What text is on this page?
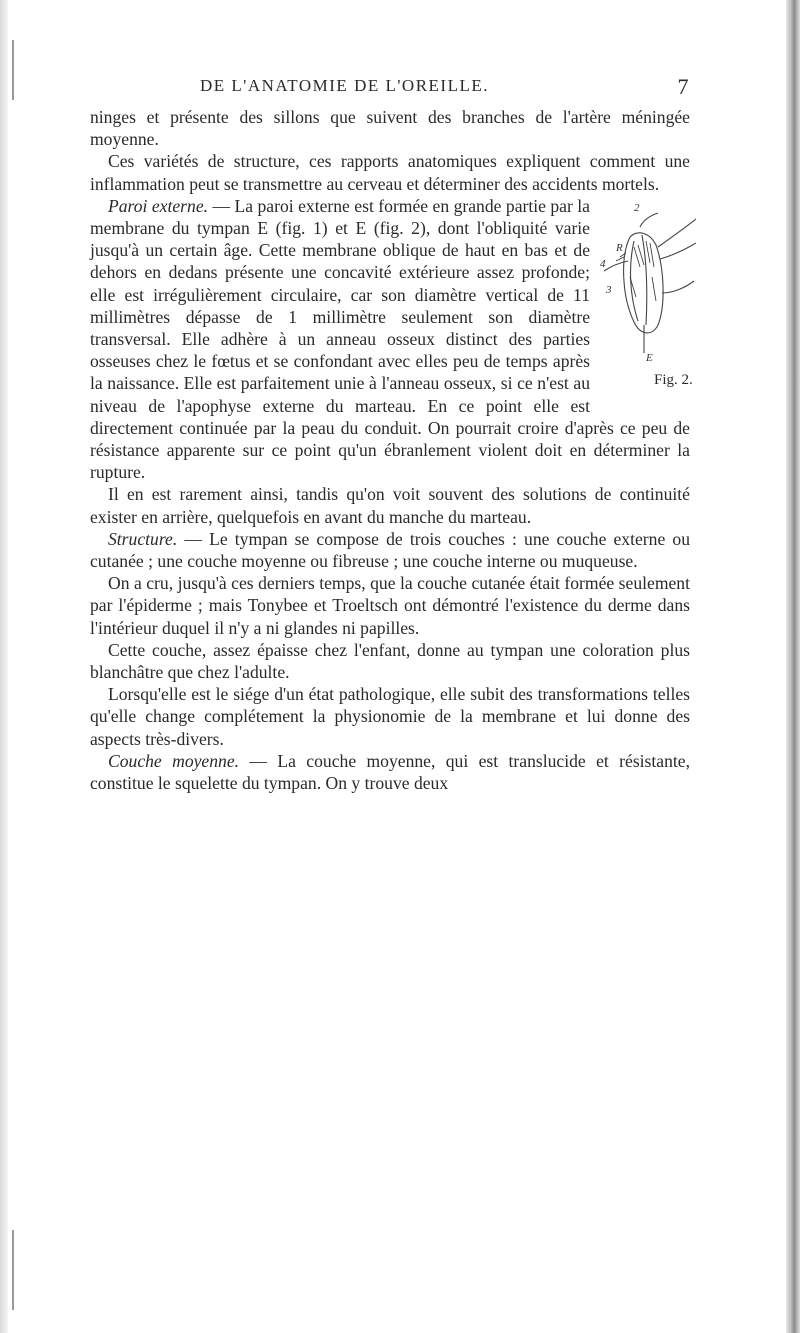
DE L'ANATOMIE DE L'OREILLE.	7

ninges et présente des sillons que suivent des branches de l'artère méningée moyenne.

Ces variétés de structure, ces rapports anatomiques expliquent comment une inflammation peut se transmettre au cerveau et déterminer des accidents mortels.

2
R
4
3
E
Fig. 2.
Paroi externe. — La paroi externe est formée en grande partie par la membrane du tympan E (fig. 1) et E (fig. 2), dont l'obliquité varie jusqu'à un certain âge. Cette membrane oblique de haut en bas et de dehors en dedans présente une concavité extérieure assez profonde; elle est irrégulièrement circulaire, car son diamètre vertical de 11 millimètres dépasse de 1 millimètre seulement son diamètre transversal. Elle adhère à un anneau osseux distinct des parties osseuses chez le fœtus et se confondant avec elles peu de temps après la naissance. Elle est parfaitement unie à l'anneau osseux, si ce n'est au niveau de l'apophyse externe du marteau. En ce point elle est directement continuée par la peau du conduit. On pourrait croire d'après ce peu de résistance apparente sur ce point qu'un ébranlement violent doit en déterminer la rupture.

Il en est rarement ainsi, tandis qu'on voit souvent des solutions de continuité exister en arrière, quelquefois en avant du manche du marteau.

Structure. — Le tympan se compose de trois couches : une couche externe ou cutanée ; une couche moyenne ou fibreuse ; une couche interne ou muqueuse.

On a cru, jusqu'à ces derniers temps, que la couche cutanée était formée seulement par l'épiderme ; mais Tonybee et Troeltsch ont démontré l'existence du derme dans l'intérieur duquel il n'y a ni glandes ni papilles.

Cette couche, assez épaisse chez l'enfant, donne au tympan une coloration plus blanchâtre que chez l'adulte.

Lorsqu'elle est le siége d'un état pathologique, elle subit des transformations telles qu'elle change complétement la physionomie de la membrane et lui donne des aspects très-divers.

Couche moyenne. — La couche moyenne, qui est translucide et résistante, constitue le squelette du tympan. On y trouve deux
